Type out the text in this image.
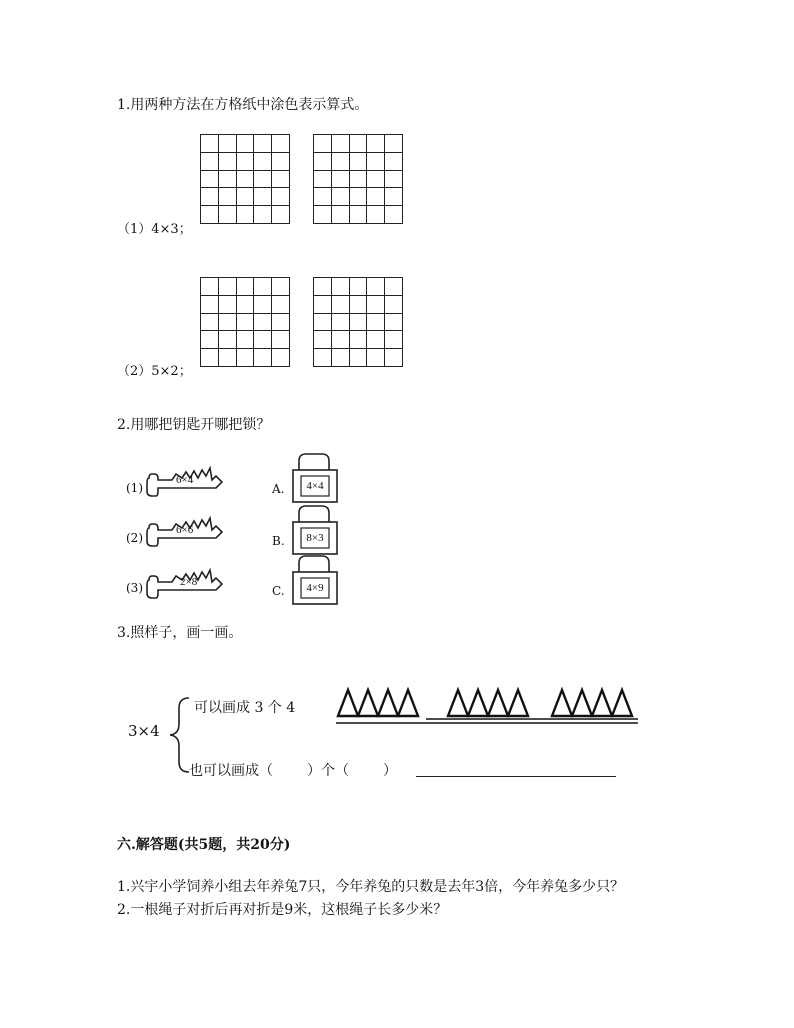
1.用两种方法在方格纸中涂色表示算式。
（1）4×3；
（2）5×2；
2.用哪把钥匙开哪把锁？
(1)
6×4
(2)
6×6
(3)	2×8
A.	4×4
B.	8×3
C.	4×9
3.照样子，画一画。
3×4
可以画成 3 个 4
也可以画成（ ）个（ ）
六.解答题(共5题，共20分)
1.兴宇小学饲养小组去年养兔7只，今年养兔的只数是去年3倍，今年养兔多少只？
2.一根绳子对折后再对折是9米，这根绳子长多少米？
